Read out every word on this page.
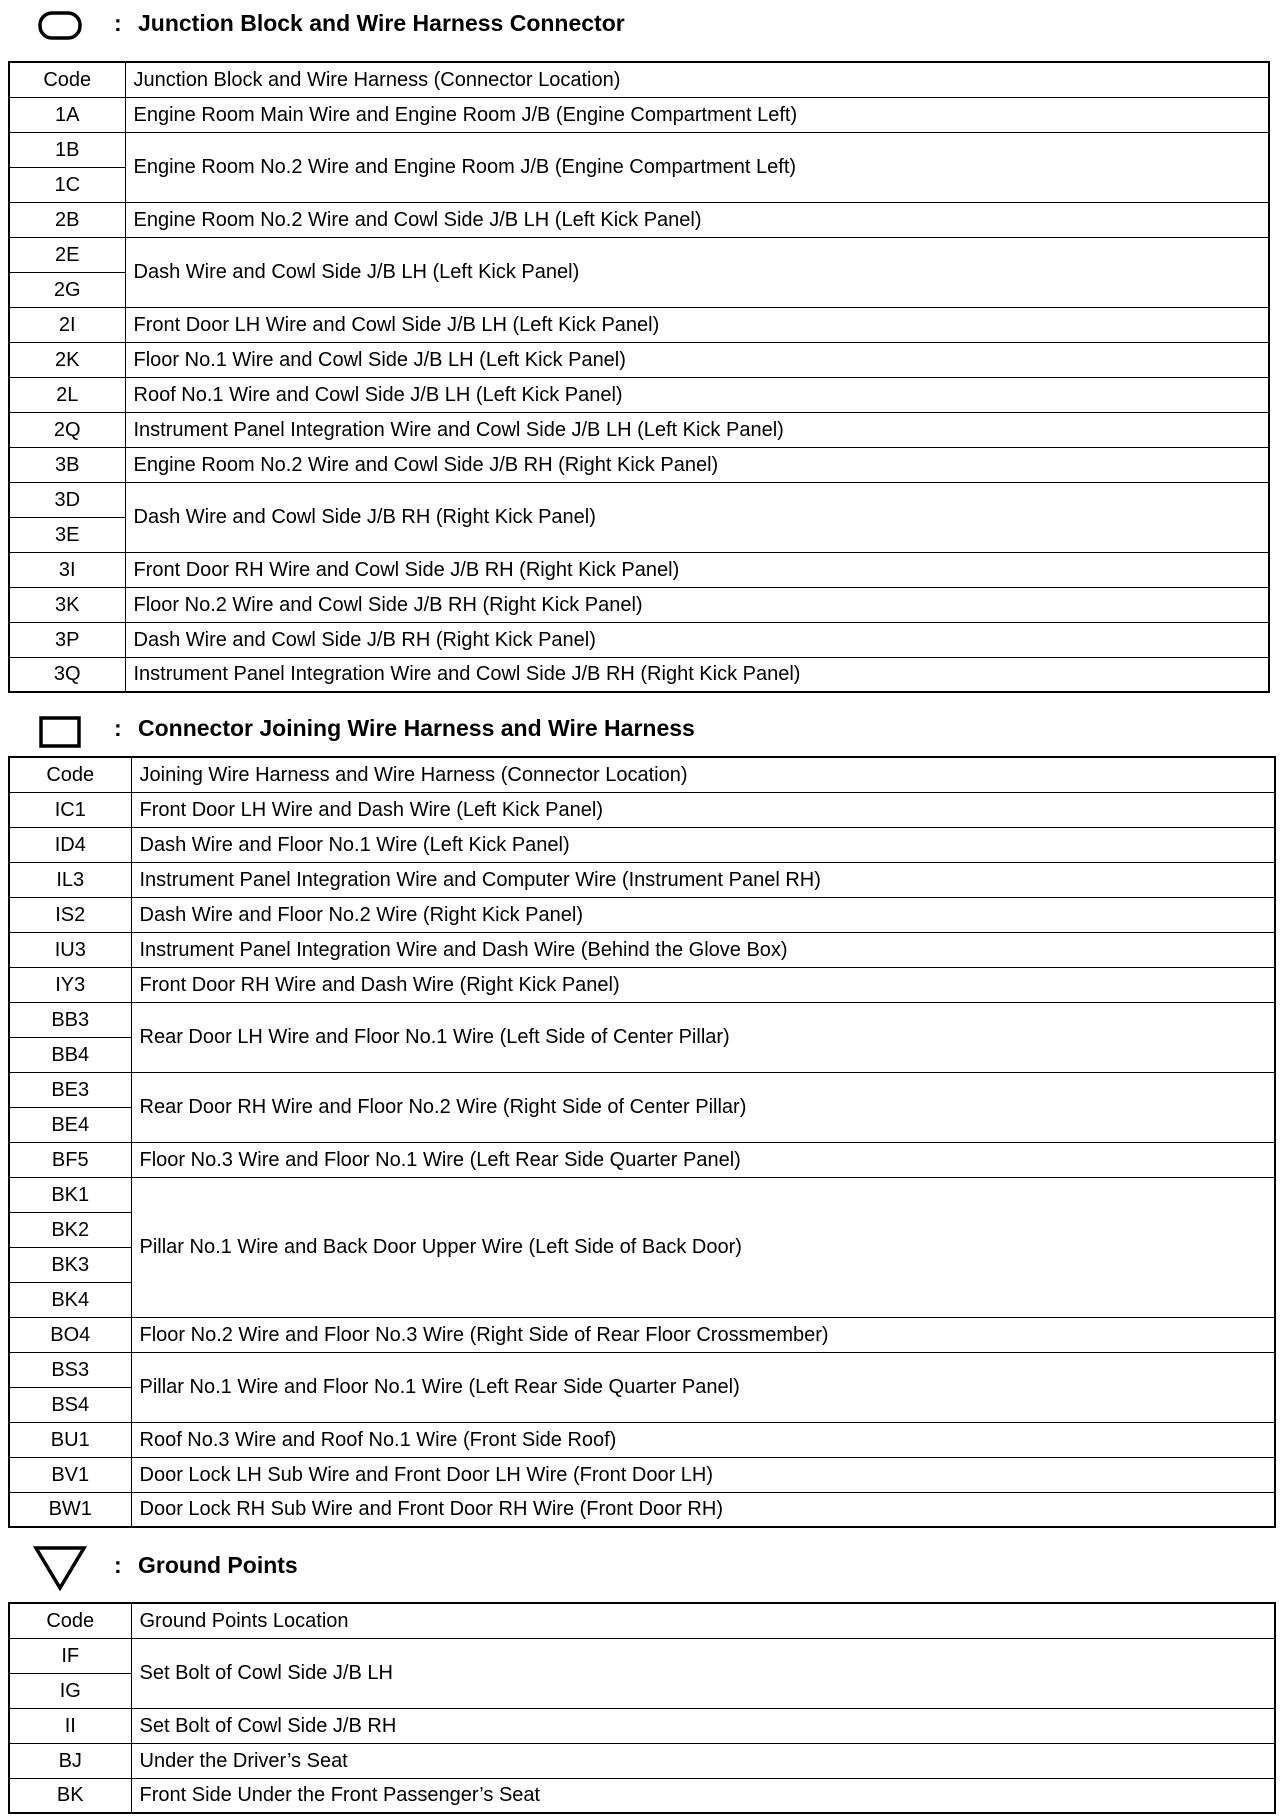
: Junction Block and Wire Harness Connector
Code	Junction Block and Wire Harness (Connector Location)
1A	Engine Room Main Wire and Engine Room J/B (Engine Compartment Left)
1B	Engine Room No.2 Wire and Engine Room J/B (Engine Compartment Left)
1C	
2B	Engine Room No.2 Wire and Cowl Side J/B LH (Left Kick Panel)
2E	Dash Wire and Cowl Side J/B LH (Left Kick Panel)
2G	
2I	Front Door LH Wire and Cowl Side J/B LH (Left Kick Panel)
2K	Floor No.1 Wire and Cowl Side J/B LH (Left Kick Panel)
2L	Roof No.1 Wire and Cowl Side J/B LH (Left Kick Panel)
2Q	Instrument Panel Integration Wire and Cowl Side J/B LH (Left Kick Panel)
3B	Engine Room No.2 Wire and Cowl Side J/B RH (Right Kick Panel)
3D	Dash Wire and Cowl Side J/B RH (Right Kick Panel)
3E	
3I	Front Door RH Wire and Cowl Side J/B RH (Right Kick Panel)
3K	Floor No.2 Wire and Cowl Side J/B RH (Right Kick Panel)
3P	Dash Wire and Cowl Side J/B RH (Right Kick Panel)
3Q	Instrument Panel Integration Wire and Cowl Side J/B RH (Right Kick Panel)
: Connector Joining Wire Harness and Wire Harness
Code	Joining Wire Harness and Wire Harness (Connector Location)
IC1	Front Door LH Wire and Dash Wire (Left Kick Panel)
ID4	Dash Wire and Floor No.1 Wire (Left Kick Panel)
IL3	Instrument Panel Integration Wire and Computer Wire (Instrument Panel RH)
IS2	Dash Wire and Floor No.2 Wire (Right Kick Panel)
IU3	Instrument Panel Integration Wire and Dash Wire (Behind the Glove Box)
IY3	Front Door RH Wire and Dash Wire (Right Kick Panel)
BB3	Rear Door LH Wire and Floor No.1 Wire (Left Side of Center Pillar)
BB4	
BE3	Rear Door RH Wire and Floor No.2 Wire (Right Side of Center Pillar)
BE4	
BF5	Floor No.3 Wire and Floor No.1 Wire (Left Rear Side Quarter Panel)
BK1	Pillar No.1 Wire and Back Door Upper Wire (Left Side of Back Door)
BK2	
BK3	
BK4	
BO4	Floor No.2 Wire and Floor No.3 Wire (Right Side of Rear Floor Crossmember)
BS3	Pillar No.1 Wire and Floor No.1 Wire (Left Rear Side Quarter Panel)
BS4	
BU1	Roof No.3 Wire and Roof No.1 Wire (Front Side Roof)
BV1	Door Lock LH Sub Wire and Front Door LH Wire (Front Door LH)
BW1	Door Lock RH Sub Wire and Front Door RH Wire (Front Door RH)
: Ground Points
Code	Ground Points Location
IF	Set Bolt of Cowl Side J/B LH
IG	
II	Set Bolt of Cowl Side J/B RH
BJ	Under the Driver’s Seat
BK	Front Side Under the Front Passenger’s Seat
